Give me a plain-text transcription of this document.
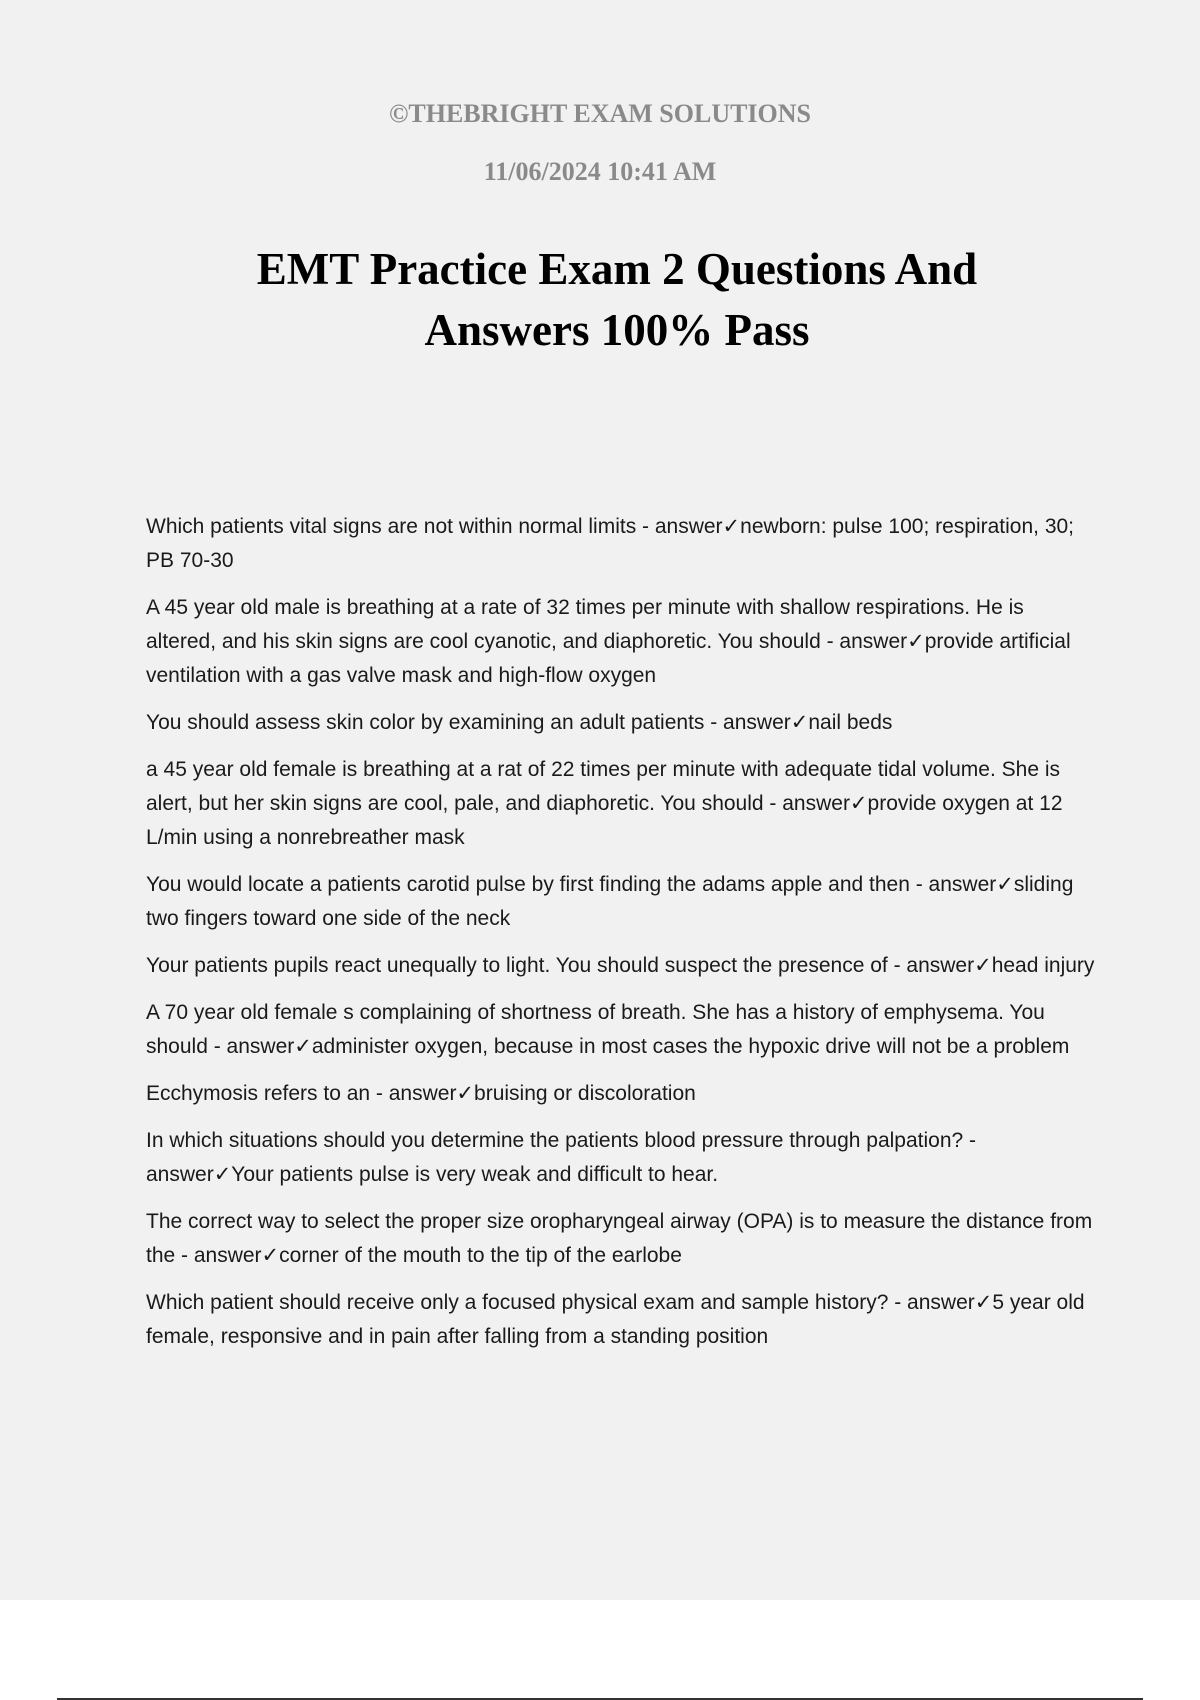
©THEBRIGHT EXAM SOLUTIONS
11/06/2024 10:41 AM
EMT Practice Exam 2 Questions And
Answers 100% Pass

Which patients vital signs are not within normal limits - answer✓newborn: pulse 100; respiration, 30; PB 70-30

A 45 year old male is breathing at a rate of 32 times per minute with shallow respirations. He is altered, and his skin signs are cool cyanotic, and diaphoretic. You should - answer✓provide artificial ventilation with a gas valve mask and high-flow oxygen

You should assess skin color by examining an adult patients - answer✓nail beds

a 45 year old female is breathing at a rat of 22 times per minute with adequate tidal volume. She is alert, but her skin signs are cool, pale, and diaphoretic. You should - answer✓provide oxygen at 12 L/min using a nonrebreather mask

You would locate a patients carotid pulse by first finding the adams apple and then - answer✓sliding two fingers toward one side of the neck

Your patients pupils react unequally to light. You should suspect the presence of - answer✓head injury

A 70 year old female s complaining of shortness of breath. She has a history of emphysema. You should - answer✓administer oxygen, because in most cases the hypoxic drive will not be a problem

Ecchymosis refers to an - answer✓bruising or discoloration

In which situations should you determine the patients blood pressure through palpation? - answer✓Your patients pulse is very weak and difficult to hear.

The correct way to select the proper size oropharyngeal airway (OPA) is to measure the distance from the - answer✓corner of the mouth to the tip of the earlobe

Which patient should receive only a focused physical exam and sample history? - answer✓5 year old female, responsive and in pain after falling from a standing position
